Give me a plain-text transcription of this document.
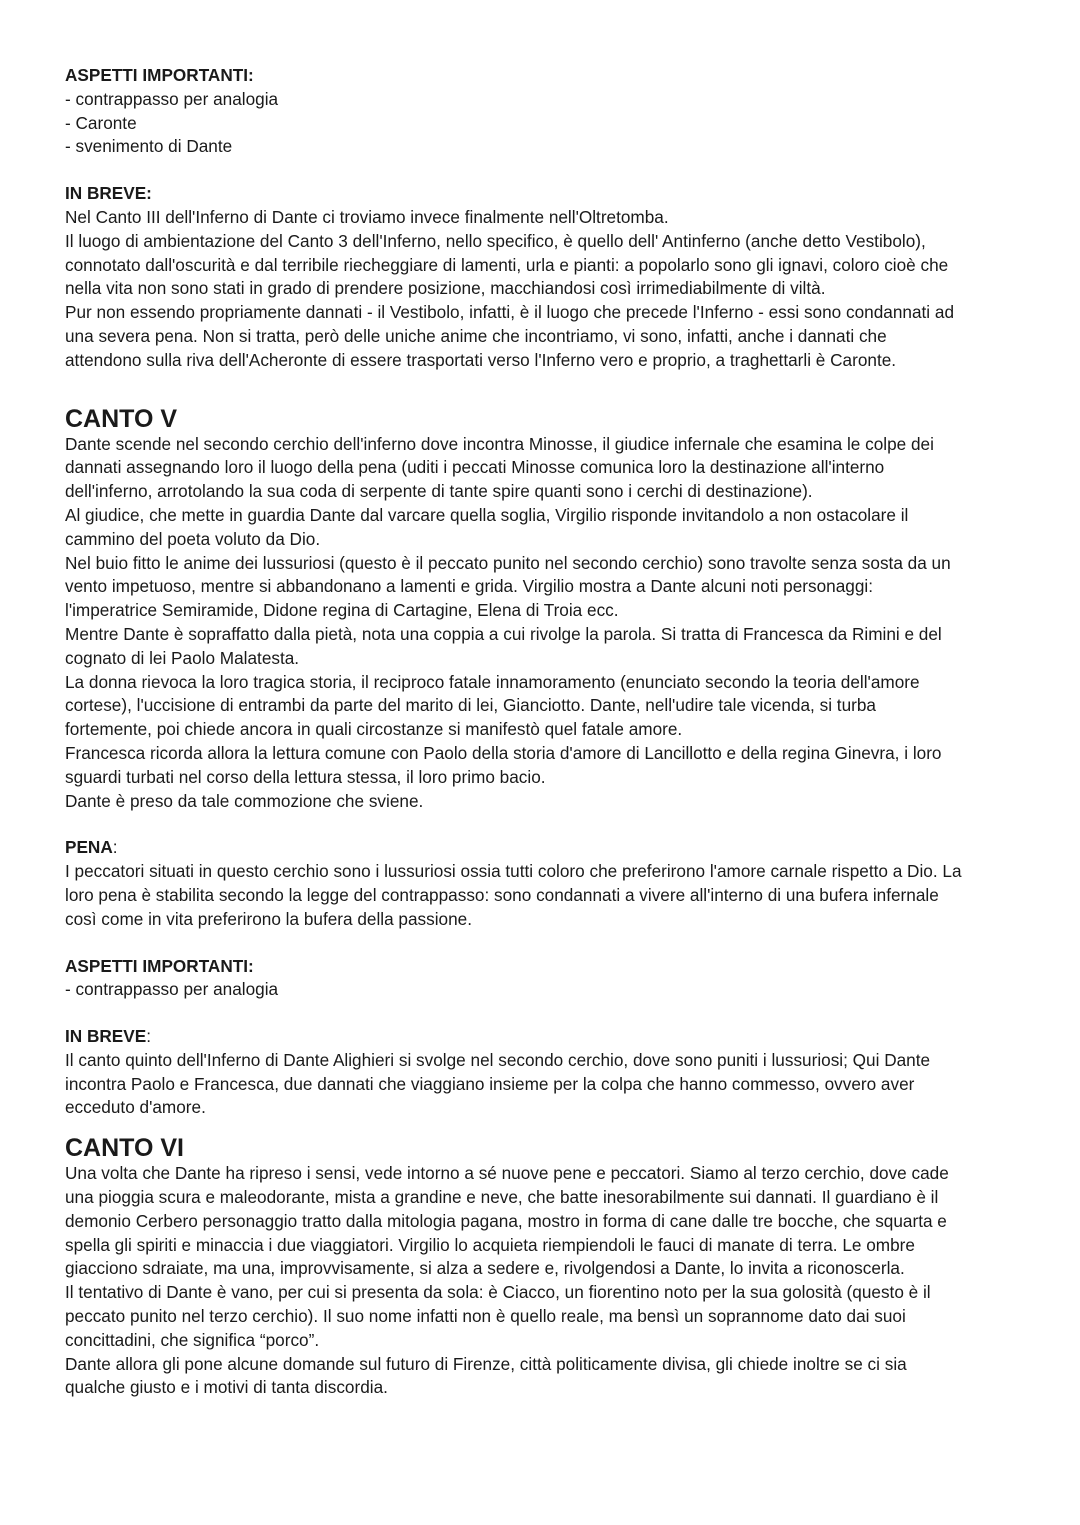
ASPETTI IMPORTANTI:

- contrappasso per analogia

- Caronte

- svenimento di Dante

IN BREVE:

Nel Canto III dell'Inferno di Dante ci troviamo invece finalmente nell'Oltretomba.

Il luogo di ambientazione del Canto 3 dell'Inferno, nello specifico, è quello dell' Antinferno (anche detto Vestibolo),

connotato dall'oscurità e dal terribile riecheggiare di lamenti, urla e pianti: a popolarlo sono gli ignavi, coloro cioè che

nella vita non sono stati in grado di prendere posizione, macchiandosi così irrimediabilmente di viltà.

Pur non essendo propriamente dannati - il Vestibolo, infatti, è il luogo che precede l'Inferno - essi sono condannati ad

una severa pena. Non si tratta, però delle uniche anime che incontriamo, vi sono, infatti, anche i dannati che

attendono sulla riva dell'Acheronte di essere trasportati verso l'Inferno vero e proprio, a traghettarli è Caronte.

CANTO V

Dante scende nel secondo cerchio dell'inferno dove incontra Minosse, il giudice infernale che esamina le colpe dei

dannati assegnando loro il luogo della pena (uditi i peccati Minosse comunica loro la destinazione all'interno

dell'inferno, arrotolando la sua coda di serpente di tante spire quanti sono i cerchi di destinazione).

Al giudice, che mette in guardia Dante dal varcare quella soglia, Virgilio risponde invitandolo a non ostacolare il

cammino del poeta voluto da Dio.

Nel buio fitto le anime dei lussuriosi (questo è il peccato punito nel secondo cerchio) sono travolte senza sosta da un

vento impetuoso, mentre si abbandonano a lamenti e grida. Virgilio mostra a Dante alcuni noti personaggi:

l'imperatrice Semiramide, Didone regina di Cartagine, Elena di Troia ecc.

Mentre Dante è sopraffatto dalla pietà, nota una coppia a cui rivolge la parola. Si tratta di Francesca da Rimini e del

cognato di lei Paolo Malatesta.

La donna rievoca la loro tragica storia, il reciproco fatale innamoramento (enunciato secondo la teoria dell'amore

cortese), l'uccisione di entrambi da parte del marito di lei, Gianciotto. Dante, nell'udire tale vicenda, si turba

fortemente, poi chiede ancora in quali circostanze si manifestò quel fatale amore.

Francesca ricorda allora la lettura comune con Paolo della storia d'amore di Lancillotto e della regina Ginevra, i loro

sguardi turbati nel corso della lettura stessa, il loro primo bacio.

Dante è preso da tale commozione che sviene.

PENA:

I peccatori situati in questo cerchio sono i lussuriosi ossia tutti coloro che preferirono l'amore carnale rispetto a Dio. La

loro pena è stabilita secondo la legge del contrappasso: sono condannati a vivere all'interno di una bufera infernale

così come in vita preferirono la bufera della passione.

ASPETTI IMPORTANTI:

- contrappasso per analogia

IN BREVE:

Il canto quinto dell'Inferno di Dante Alighieri si svolge nel secondo cerchio, dove sono puniti i lussuriosi; Qui Dante

incontra Paolo e Francesca, due dannati che viaggiano insieme per la colpa che hanno commesso, ovvero aver

ecceduto d'amore.

CANTO VI

Una volta che Dante ha ripreso i sensi, vede intorno a sé nuove pene e peccatori. Siamo al terzo cerchio, dove cade

una pioggia scura e maleodorante, mista a grandine e neve, che batte inesorabilmente sui dannati. Il guardiano è il

demonio Cerbero personaggio tratto dalla mitologia pagana, mostro in forma di cane dalle tre bocche, che squarta e

spella gli spiriti e minaccia i due viaggiatori. Virgilio lo acquieta riempiendoli le fauci di manate di terra. Le ombre

giacciono sdraiate, ma una, improvvisamente, si alza a sedere e, rivolgendosi a Dante, lo invita a riconoscerla.

Il tentativo di Dante è vano, per cui si presenta da sola: è Ciacco, un fiorentino noto per la sua golosità (questo è il

peccato punito nel terzo cerchio). Il suo nome infatti non è quello reale, ma bensì un soprannome dato dai suoi

concittadini, che significa “porco”.

Dante allora gli pone alcune domande sul futuro di Firenze, città politicamente divisa, gli chiede inoltre se ci sia

qualche giusto e i motivi di tanta discordia.
